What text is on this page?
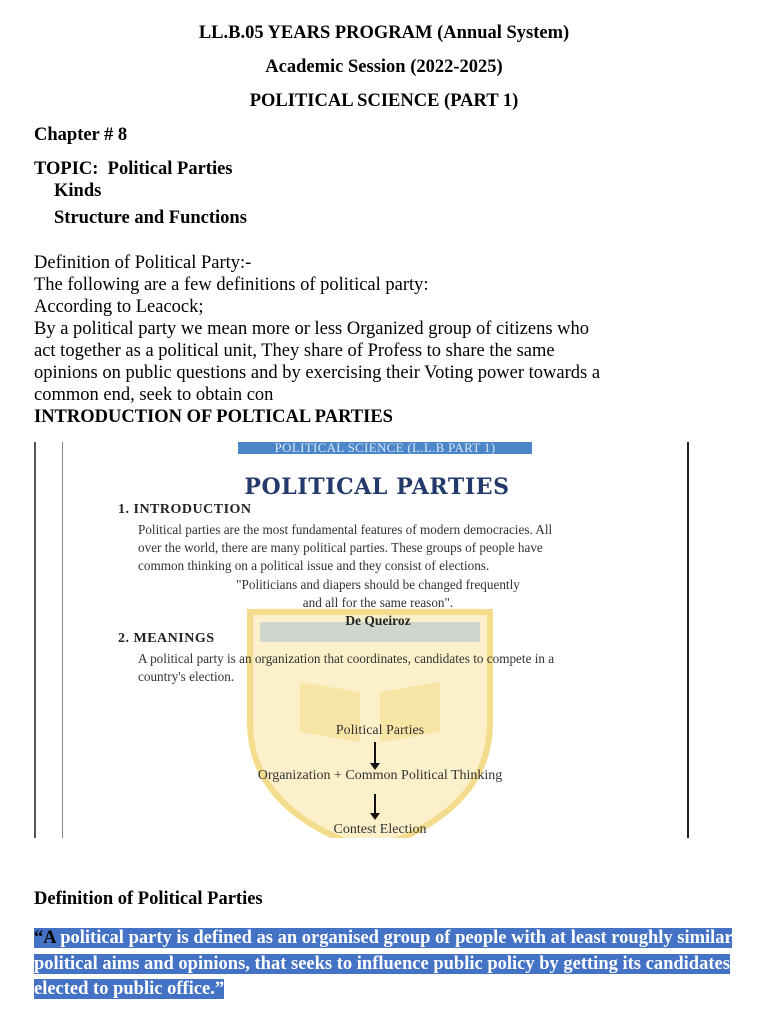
LL.B.05 YEARS PROGRAM (Annual System)
Academic Session (2022-2025)
POLITICAL SCIENCE (PART 1)
Chapter # 8
TOPIC:  Political Parties
Kinds
Structure and Functions

Definition of Political Party:-

The following are a few definitions of political party:

According to Leacock;

By a political party we mean more or less Organized group of citizens who

act together as a political unit, They share of Profess to share the same

opinions on public questions and by exercising their Voting power towards a

common end, seek to obtain con

INTRODUCTION OF POLTICAL PARTIES
POLITICAL SCIENCE (L.L.B PART 1)
POLITICAL PARTIES
1. INTRODUCTION

Political parties are the most fundamental features of modern democracies. All

over the world, there are many political parties. These groups of people have

common thinking on a political issue and they consist of elections.

"Politicians and diapers should be changed frequently
and all for the same reason".
De Queiroz
2. MEANINGS

A political party is an organization that coordinates, candidates to compete in a

country's election.

Political Parties
Organization + Common Political Thinking
Contest Election
Definition of Political Parties
“A political party is defined as an organised group of people with at least roughly similar political aims and opinions, that seeks to influence public policy by getting its candidates elected to public office.”
